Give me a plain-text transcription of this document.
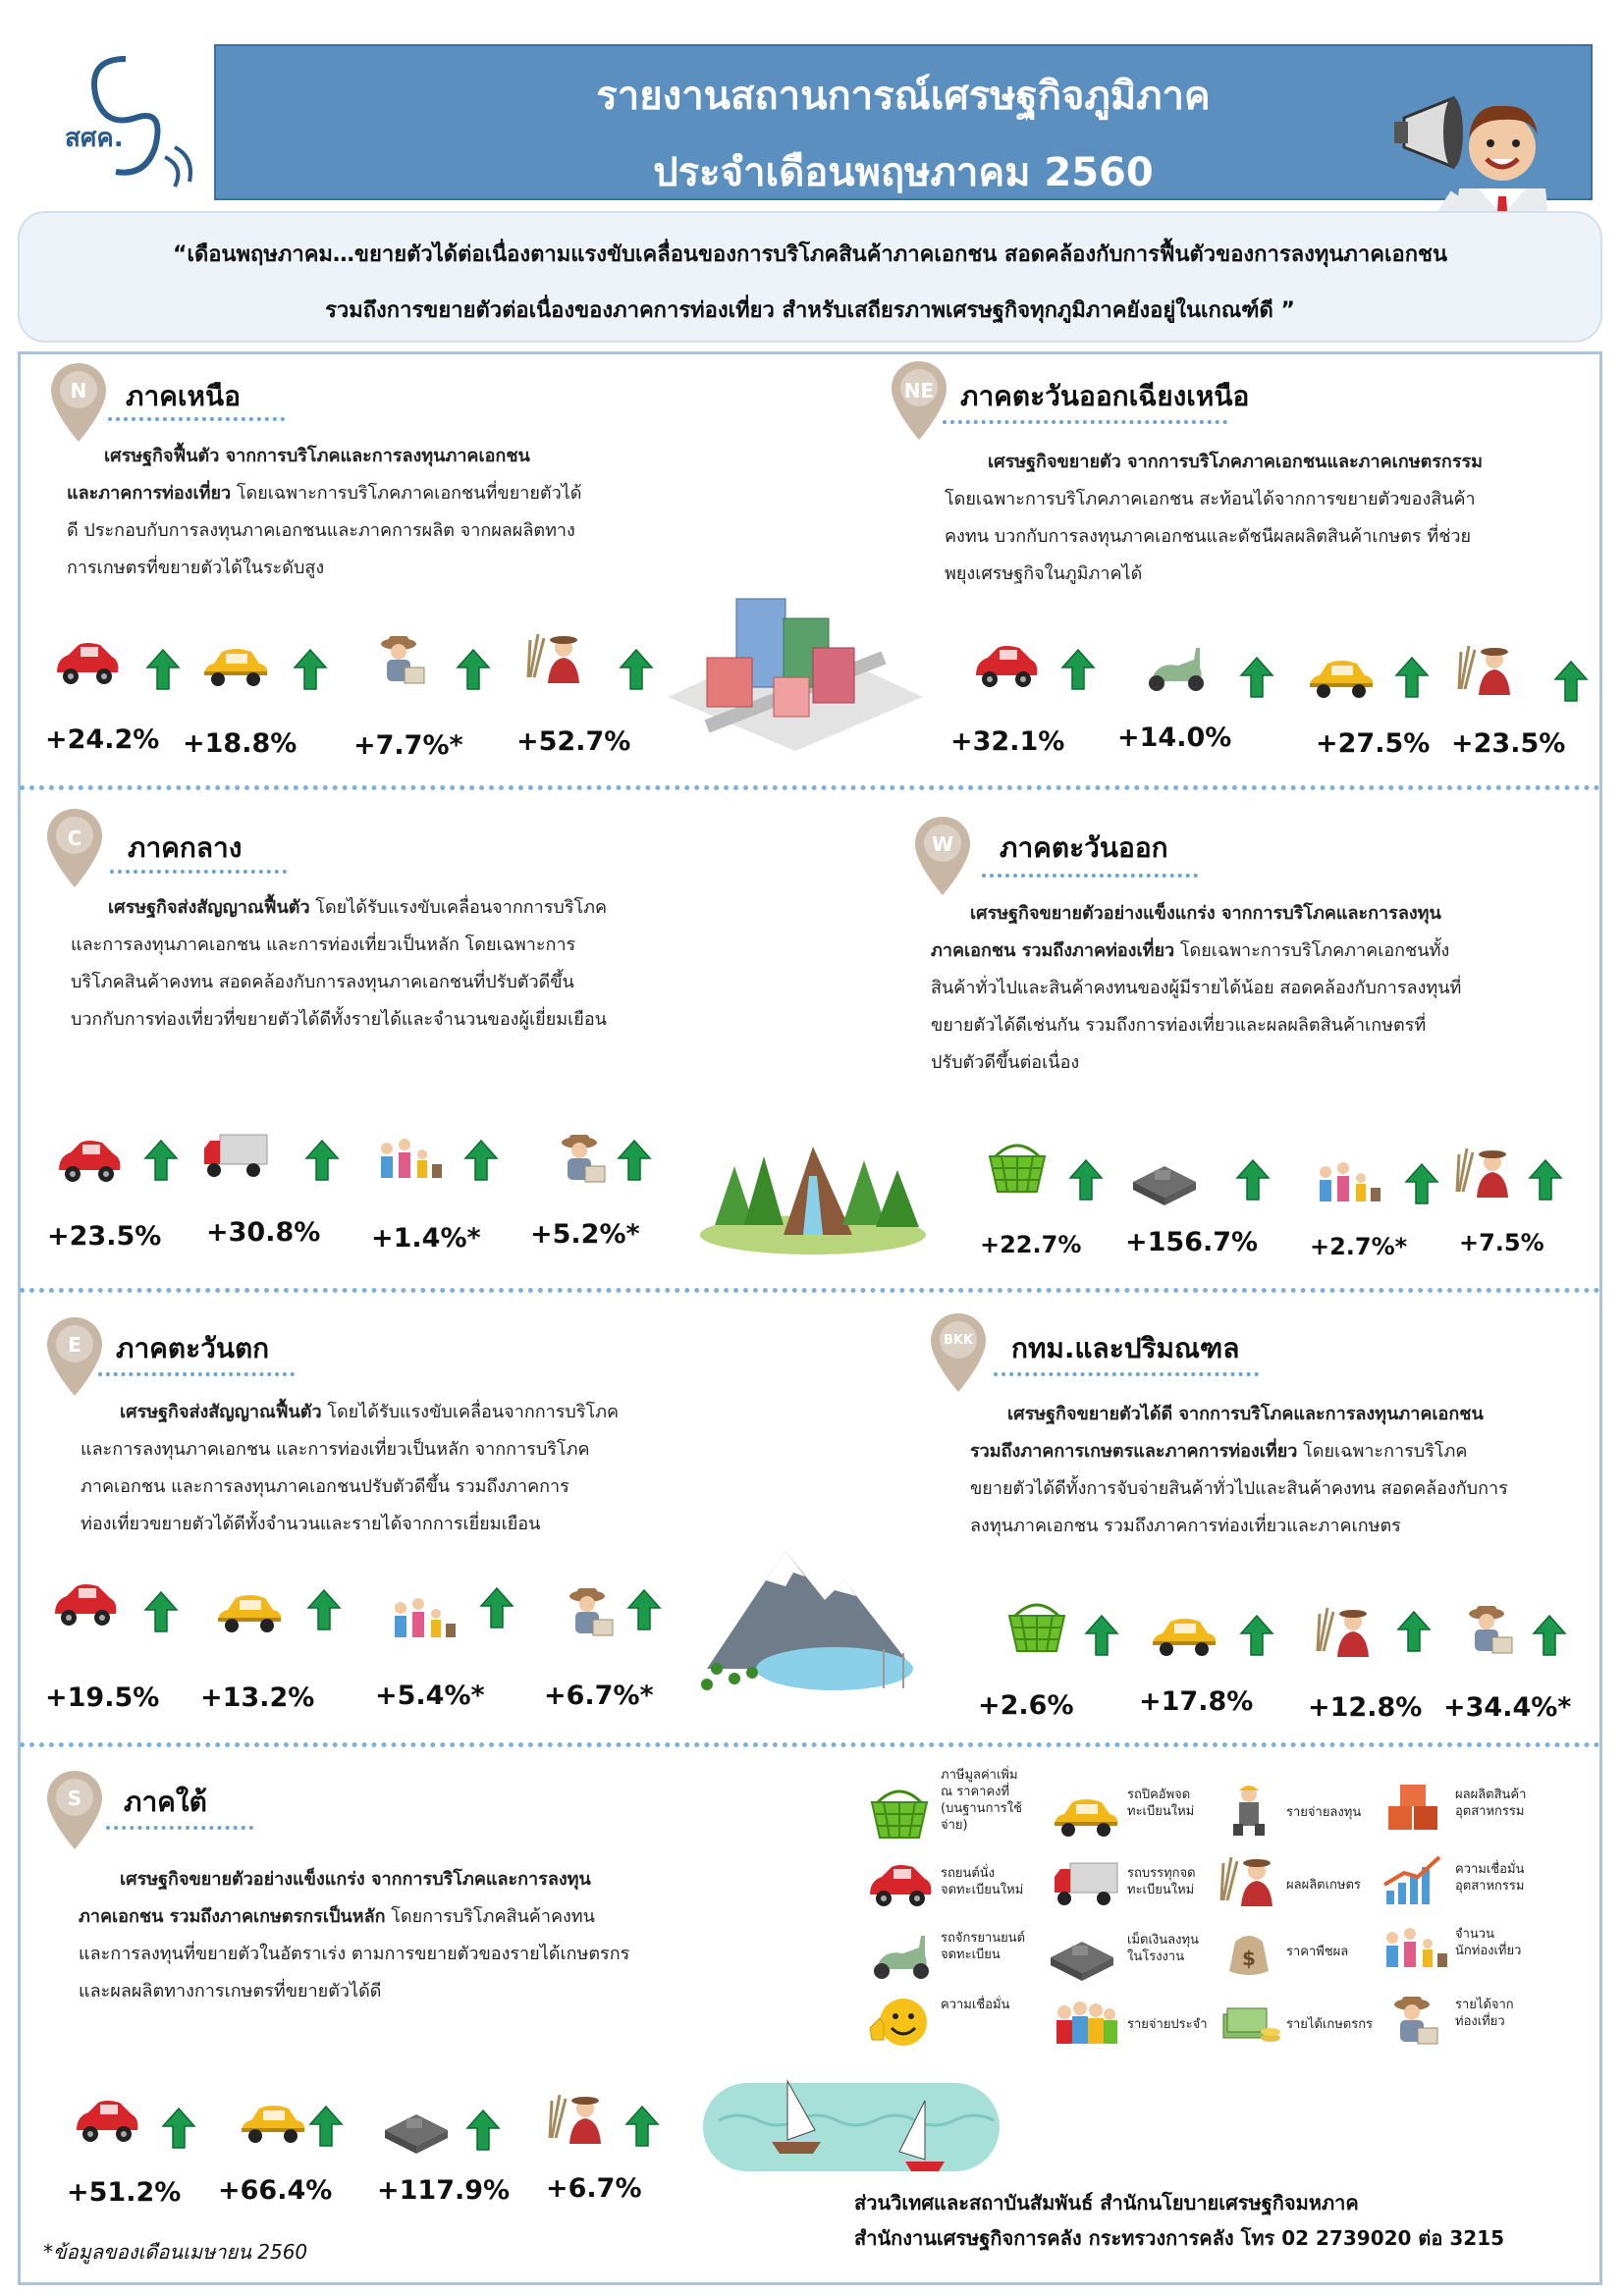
สศค.
รายงานสถานการณ์เศรษฐกิจภูมิภาค
ประจำเดือนพฤษภาคม 2560
“เดือนพฤษภาคม…ขยายตัวได้ต่อเนื่องตามแรงขับเคลื่อนของการบริโภคสินค้าภาคเอกชน สอดคล้องกับการฟื้นตัวของการลงทุนภาคเอกชน
รวมถึงการขยายตัวต่อเนื่องของภาคการท่องเที่ยว สำหรับเสถียรภาพเศรษฐกิจทุกภูมิภาคยังอยู่ในเกณฑ์ดี ”
N	ภาคเหนือ
เศรษฐกิจฟื้นตัว จากการบริโภคและการลงทุนภาคเอกชน
และภาคการท่องเที่ยว โดยเฉพาะการบริโภคภาคเอกชนที่ขยายตัวได้
ดี ประกอบกับการลงทุนภาคเอกชนและภาคการผลิต จากผลผลิตทาง
การเกษตรที่ขยายตัวได้ในระดับสูง
+24.2% +18.8% +7.7%* +52.7%
NE ภาคตะวันออกเฉียงเหนือ
เศรษฐกิจขยายตัว จากการบริโภคภาคเอกชนและภาคเกษตรกรรม
โดยเฉพาะการบริโภคภาคเอกชน สะท้อนได้จากการขยายตัวของสินค้า
คงทน บวกกับการลงทุนภาคเอกชนและดัชนีผลผลิตสินค้าเกษตร ที่ช่วย
พยุงเศรษฐกิจในภูมิภาคได้
+32.1% +14.0%	+27.5% +23.5%
C	ภาคกลาง
เศรษฐกิจส่งสัญญาณฟื้นตัว โดยได้รับแรงขับเคลื่อนจากการบริโภค
และการลงทุนภาคเอกชน และการท่องเที่ยวเป็นหลัก โดยเฉพาะการ
บริโภคสินค้าคงทน สอดคล้องกับการลงทุนภาคเอกชนที่ปรับตัวดีขึ้น
บวกกับการท่องเที่ยวที่ขยายตัวได้ดีทั้งรายได้และจำนวนของผู้เยี่ยมเยือน
+23.5% +30.8% +1.4%* +5.2%*
W	ภาคตะวันออก
เศรษฐกิจขยายตัวอย่างแข็งแกร่ง จากการบริโภคและการลงทุน
ภาคเอกชน รวมถึงภาคท่องเที่ยว โดยเฉพาะการบริโภคภาคเอกชนทั้ง
สินค้าทั่วไปและสินค้าคงทนของผู้มีรายได้น้อย สอดคล้องกับการลงทุนที่
ขยายตัวได้ดีเช่นกัน รวมถึงการท่องเที่ยวและผลผลิตสินค้าเกษตรที่
ปรับตัวดีขึ้นต่อเนื่อง
+22.7% +156.7% +2.7%* +7.5%
E	ภาคตะวันตก
เศรษฐกิจส่งสัญญาณฟื้นตัว โดยได้รับแรงขับเคลื่อนจากการบริโภค
และการลงทุนภาคเอกชน และการท่องเที่ยวเป็นหลัก จากการบริโภค
ภาคเอกชน และการลงทุนภาคเอกชนปรับตัวดีขึ้น รวมถึงภาคการ
ท่องเที่ยวขยายตัวได้ดีทั้งจำนวนและรายได้จากการเยี่ยมเยือน
+19.5% +13.2% +5.4%* +6.7%*
BKK กทม.และปริมณฑล
เศรษฐกิจขยายตัวได้ดี จากการบริโภคและการลงทุนภาคเอกชน
รวมถึงภาคการเกษตรและภาคการท่องเที่ยว โดยเฉพาะการบริโภค
ขยายตัวได้ดีทั้งการจับจ่ายสินค้าทั่วไปและสินค้าคงทน สอดคล้องกับการ
ลงทุนภาคเอกชน รวมถึงภาคการท่องเที่ยวและภาคเกษตร
+2.6% +17.8% +12.8% +34.4%*
S	ภาคใต้
เศรษฐกิจขยายตัวอย่างแข็งแกร่ง จากการบริโภคและการลงทุน
ภาคเอกชน รวมถึงภาคเกษตรกรเป็นหลัก โดยการบริโภคสินค้าคงทน
และการลงทุนที่ขยายตัวในอัตราเร่ง ตามการขยายตัวของรายได้เกษตรกร
และผลผลิตทางการเกษตรที่ขยายตัวได้ดี
+51.2% +66.4% +117.9% +6.7%
ภาษีมูลค่าเพิ่ม
ณ ราคาคงที่
(บนฐานการใช้
จ่าย)
รถปิคอัพจด
ทะเบียนใหม่	รายจ่ายลงทุน
ผลผลิตสินค้า
อุตสาหกรรม
รถยนต์นั่ง
จดทะเบียนใหม่
รถบรรทุกจด
ทะเบียนใหม่	ผลผลิตเกษตร
ความเชื่อมั่น
อุตสาหกรรม
รถจักรยานยนต์
จดทะเบียน
เม็ดเงินลงทุน
ในโรงงาน	ราคาพืชผล
จำนวน
นักท่องเที่ยว
ความเชื่อมั่น
รายจ่ายประจำ	รายได้เกษตรกร
รายได้จาก
ท่องเที่ยว
ส่วนวิเทศและสถาบันสัมพันธ์ สำนักนโยบายเศรษฐกิจมหภาค
สำนักงานเศรษฐกิจการคลัง กระทรวงการคลัง โทร 02 2739020 ต่อ 3215
*ข้อมูลของเดือนเมษายน 2560
